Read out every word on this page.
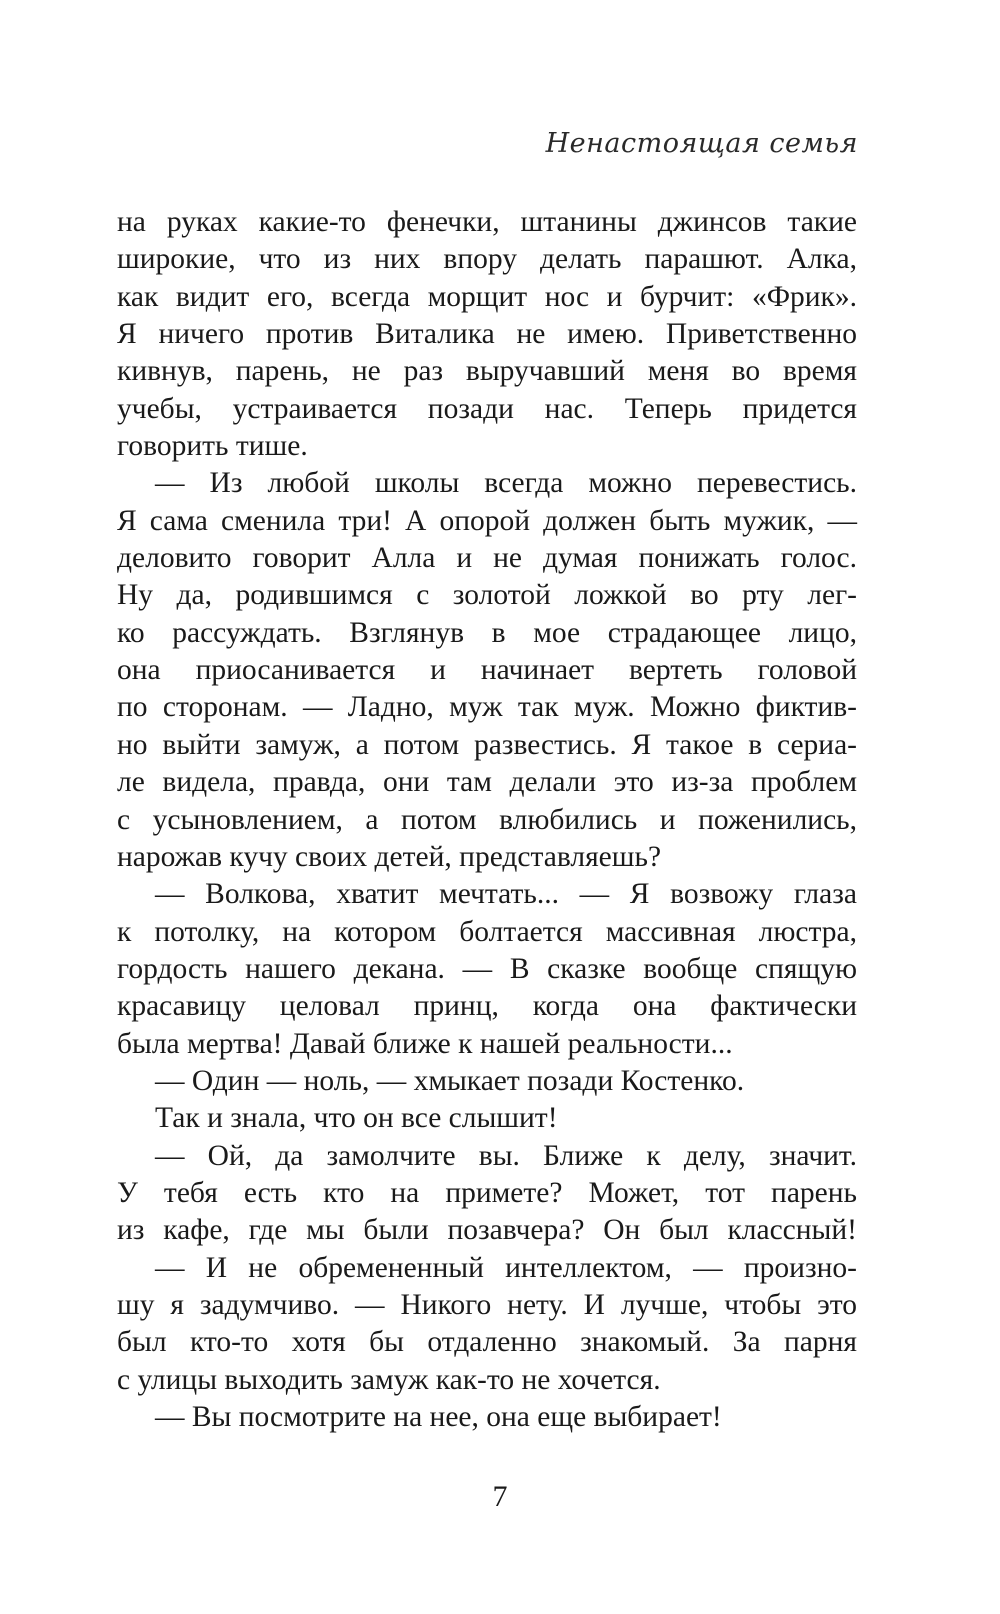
Ненастоящая семья
на руках какие-то фенечки, штанины джинсов такие
широкие, что из них впору делать парашют. Алка,
как видит его, всегда морщит нос и бурчит: «Фрик».
Я ничего против Виталика не имею. Приветственно
кивнув, парень, не раз выручавший меня во время
учебы, устраивается позади нас. Теперь придется
говорить тише.
— Из любой школы всегда можно перевестись.
Я сама сменила три! А опорой должен быть мужик, —
деловито говорит Алла и не думая понижать голос.
Ну да, родившимся с золотой ложкой во рту лег-
ко рассуждать. Взглянув в мое страдающее лицо,
она приосанивается и начинает вертеть головой
по сторонам. — Ладно, муж так муж. Можно фиктив-
но выйти замуж, а потом развестись. Я такое в сериа-
ле видела, правда, они там делали это из-за проблем
с усыновлением, а потом влюбились и поженились,
нарожав кучу своих детей, представляешь?
— Волкова, хватит мечтать... — Я возвожу глаза
к потолку, на котором болтается массивная люстра,
гордость нашего декана. — В сказке вообще спящую
красавицу целовал принц, когда она фактически
была мертва! Давай ближе к нашей реальности...
— Один — ноль, — хмыкает позади Костенко.
Так и знала, что он все слышит!
— Ой, да замолчите вы. Ближе к делу, значит.
У тебя есть кто на примете? Может, тот парень
из кафе, где мы были позавчера? Он был классный!
— И не обремененный интеллектом, — произно-
шу я задумчиво. — Никого нету. И лучше, чтобы это
был кто-то хотя бы отдаленно знакомый. За парня
с улицы выходить замуж как-то не хочется.
— Вы посмотрите на нее, она еще выбирает!
7
